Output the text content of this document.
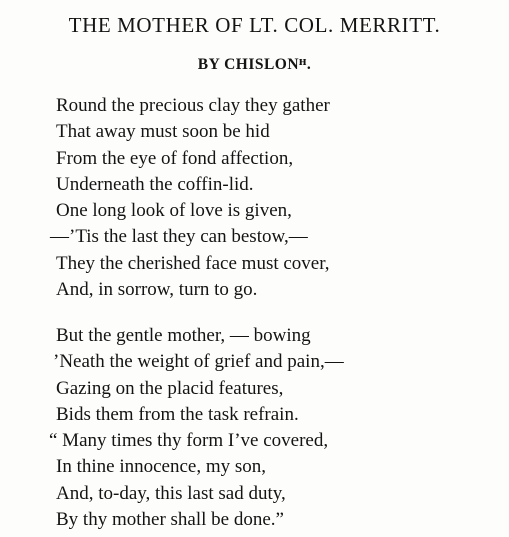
THE MOTHER OF LT. COL. MERRITT.
BY CHISLONᴴ.
Round the precious clay they gather
That away must soon be hid
From the eye of fond affection,
Underneath the coffin-lid.
One long look of love is given,
—’Tis the last they can bestow,—
They the cherished face must cover,
And, in sorrow, turn to go.
But the gentle mother, — bowing
’Neath the weight of grief and pain,—
Gazing on the placid features,
Bids them from the task refrain.
“ Many times thy form I’ve covered,
In thine innocence, my son,
And, to-day, this last sad duty,
By thy mother shall be done.”
